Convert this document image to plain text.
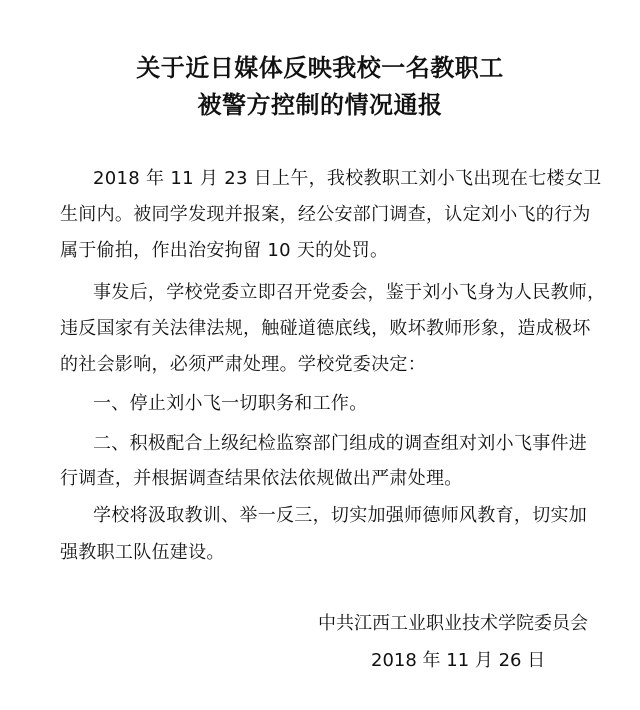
关于近日媒体反映我校一名教职工
被警方控制的情况通报
2018 年 11 月 23 日上午，我校教职工刘小飞出现在七楼女卫
生间内。被同学发现并报案，经公安部门调查，认定刘小飞的行为
属于偷拍，作出治安拘留 10 天的处罚。
事发后，学校党委立即召开党委会，鉴于刘小飞身为人民教师，
违反国家有关法律法规，触碰道德底线，败坏教师形象，造成极坏
的社会影响，必须严肃处理。学校党委决定：
一、停止刘小飞一切职务和工作。
二、积极配合上级纪检监察部门组成的调查组对刘小飞事件进
行调查，并根据调查结果依法依规做出严肃处理。
学校将汲取教训、举一反三，切实加强师德师风教育，切实加
强教职工队伍建设。
中共江西工业职业技术学院委员会
2018 年 11 月 26 日
